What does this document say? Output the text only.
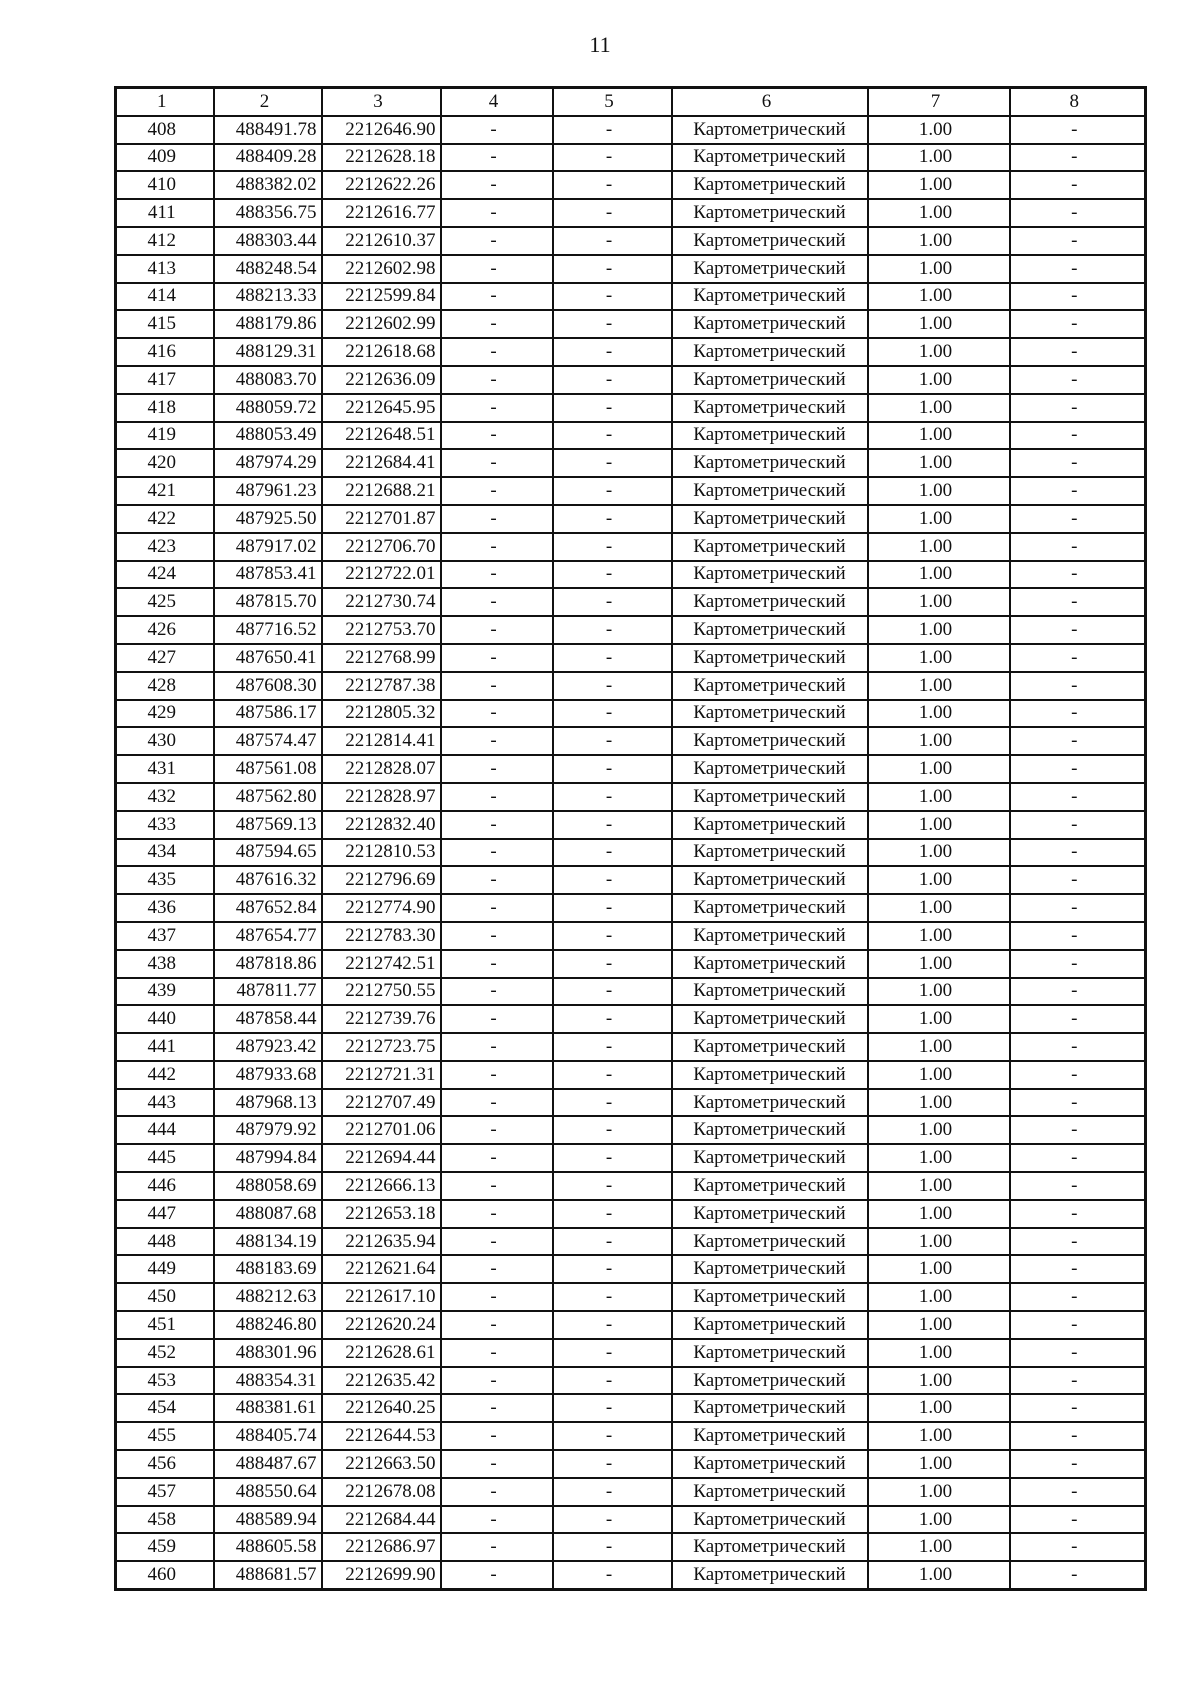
11
1	2	3	4	5	6	7	8
408	488491.78	2212646.90	-	-	Картометрический	1.00	-
409	488409.28	2212628.18	-	-	Картометрический	1.00	-
410	488382.02	2212622.26	-	-	Картометрический	1.00	-
411	488356.75	2212616.77	-	-	Картометрический	1.00	-
412	488303.44	2212610.37	-	-	Картометрический	1.00	-
413	488248.54	2212602.98	-	-	Картометрический	1.00	-
414	488213.33	2212599.84	-	-	Картометрический	1.00	-
415	488179.86	2212602.99	-	-	Картометрический	1.00	-
416	488129.31	2212618.68	-	-	Картометрический	1.00	-
417	488083.70	2212636.09	-	-	Картометрический	1.00	-
418	488059.72	2212645.95	-	-	Картометрический	1.00	-
419	488053.49	2212648.51	-	-	Картометрический	1.00	-
420	487974.29	2212684.41	-	-	Картометрический	1.00	-
421	487961.23	2212688.21	-	-	Картометрический	1.00	-
422	487925.50	2212701.87	-	-	Картометрический	1.00	-
423	487917.02	2212706.70	-	-	Картометрический	1.00	-
424	487853.41	2212722.01	-	-	Картометрический	1.00	-
425	487815.70	2212730.74	-	-	Картометрический	1.00	-
426	487716.52	2212753.70	-	-	Картометрический	1.00	-
427	487650.41	2212768.99	-	-	Картометрический	1.00	-
428	487608.30	2212787.38	-	-	Картометрический	1.00	-
429	487586.17	2212805.32	-	-	Картометрический	1.00	-
430	487574.47	2212814.41	-	-	Картометрический	1.00	-
431	487561.08	2212828.07	-	-	Картометрический	1.00	-
432	487562.80	2212828.97	-	-	Картометрический	1.00	-
433	487569.13	2212832.40	-	-	Картометрический	1.00	-
434	487594.65	2212810.53	-	-	Картометрический	1.00	-
435	487616.32	2212796.69	-	-	Картометрический	1.00	-
436	487652.84	2212774.90	-	-	Картометрический	1.00	-
437	487654.77	2212783.30	-	-	Картометрический	1.00	-
438	487818.86	2212742.51	-	-	Картометрический	1.00	-
439	487811.77	2212750.55	-	-	Картометрический	1.00	-
440	487858.44	2212739.76	-	-	Картометрический	1.00	-
441	487923.42	2212723.75	-	-	Картометрический	1.00	-
442	487933.68	2212721.31	-	-	Картометрический	1.00	-
443	487968.13	2212707.49	-	-	Картометрический	1.00	-
444	487979.92	2212701.06	-	-	Картометрический	1.00	-
445	487994.84	2212694.44	-	-	Картометрический	1.00	-
446	488058.69	2212666.13	-	-	Картометрический	1.00	-
447	488087.68	2212653.18	-	-	Картометрический	1.00	-
448	488134.19	2212635.94	-	-	Картометрический	1.00	-
449	488183.69	2212621.64	-	-	Картометрический	1.00	-
450	488212.63	2212617.10	-	-	Картометрический	1.00	-
451	488246.80	2212620.24	-	-	Картометрический	1.00	-
452	488301.96	2212628.61	-	-	Картометрический	1.00	-
453	488354.31	2212635.42	-	-	Картометрический	1.00	-
454	488381.61	2212640.25	-	-	Картометрический	1.00	-
455	488405.74	2212644.53	-	-	Картометрический	1.00	-
456	488487.67	2212663.50	-	-	Картометрический	1.00	-
457	488550.64	2212678.08	-	-	Картометрический	1.00	-
458	488589.94	2212684.44	-	-	Картометрический	1.00	-
459	488605.58	2212686.97	-	-	Картометрический	1.00	-
460	488681.57	2212699.90	-	-	Картометрический	1.00	-
